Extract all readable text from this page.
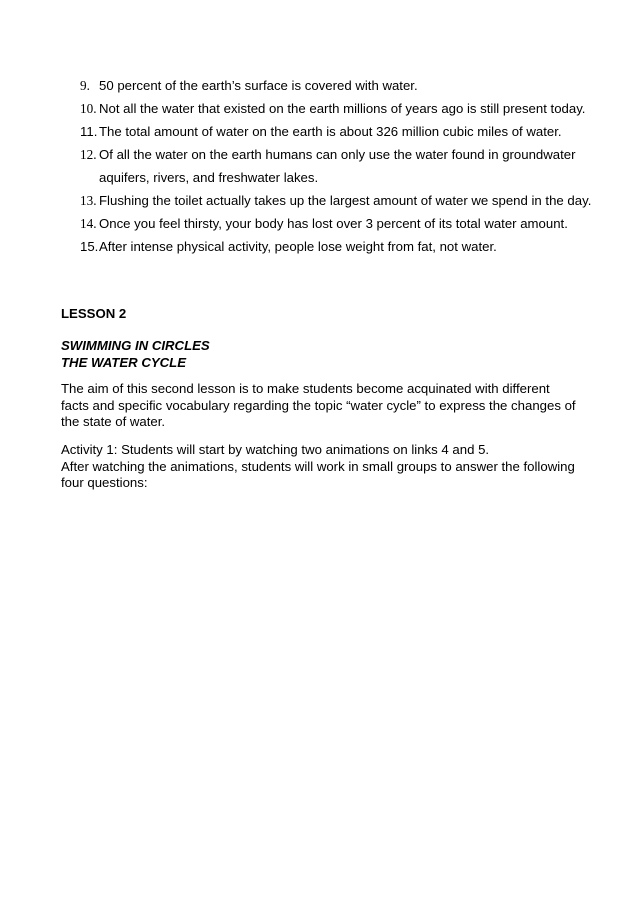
9. 50 percent of the earth’s surface is covered with water.
10. Not all the water that existed on the earth millions of years ago is still present today.
11. The total amount of water on the earth is about 326 million cubic miles of water.
12. Of all the water on the earth humans can only use the water found in groundwater aquifers, rivers, and freshwater lakes.
13. Flushing the toilet actually takes up the largest amount of water we spend in the day.
14. Once you feel thirsty, your body has lost over 3 percent of its total water amount.
15. After intense physical activity, people lose weight from fat, not water.
LESSON 2
SWIMMING IN CIRCLES
THE WATER CYCLE
The aim of this second lesson is to make students become acquinated with different facts and specific vocabulary regarding the topic “water cycle” to express the changes of the state of water.
Activity 1: Students will start by watching two animations on links 4 and 5.
After watching the animations, students will work in small groups to answer the following four questions:
